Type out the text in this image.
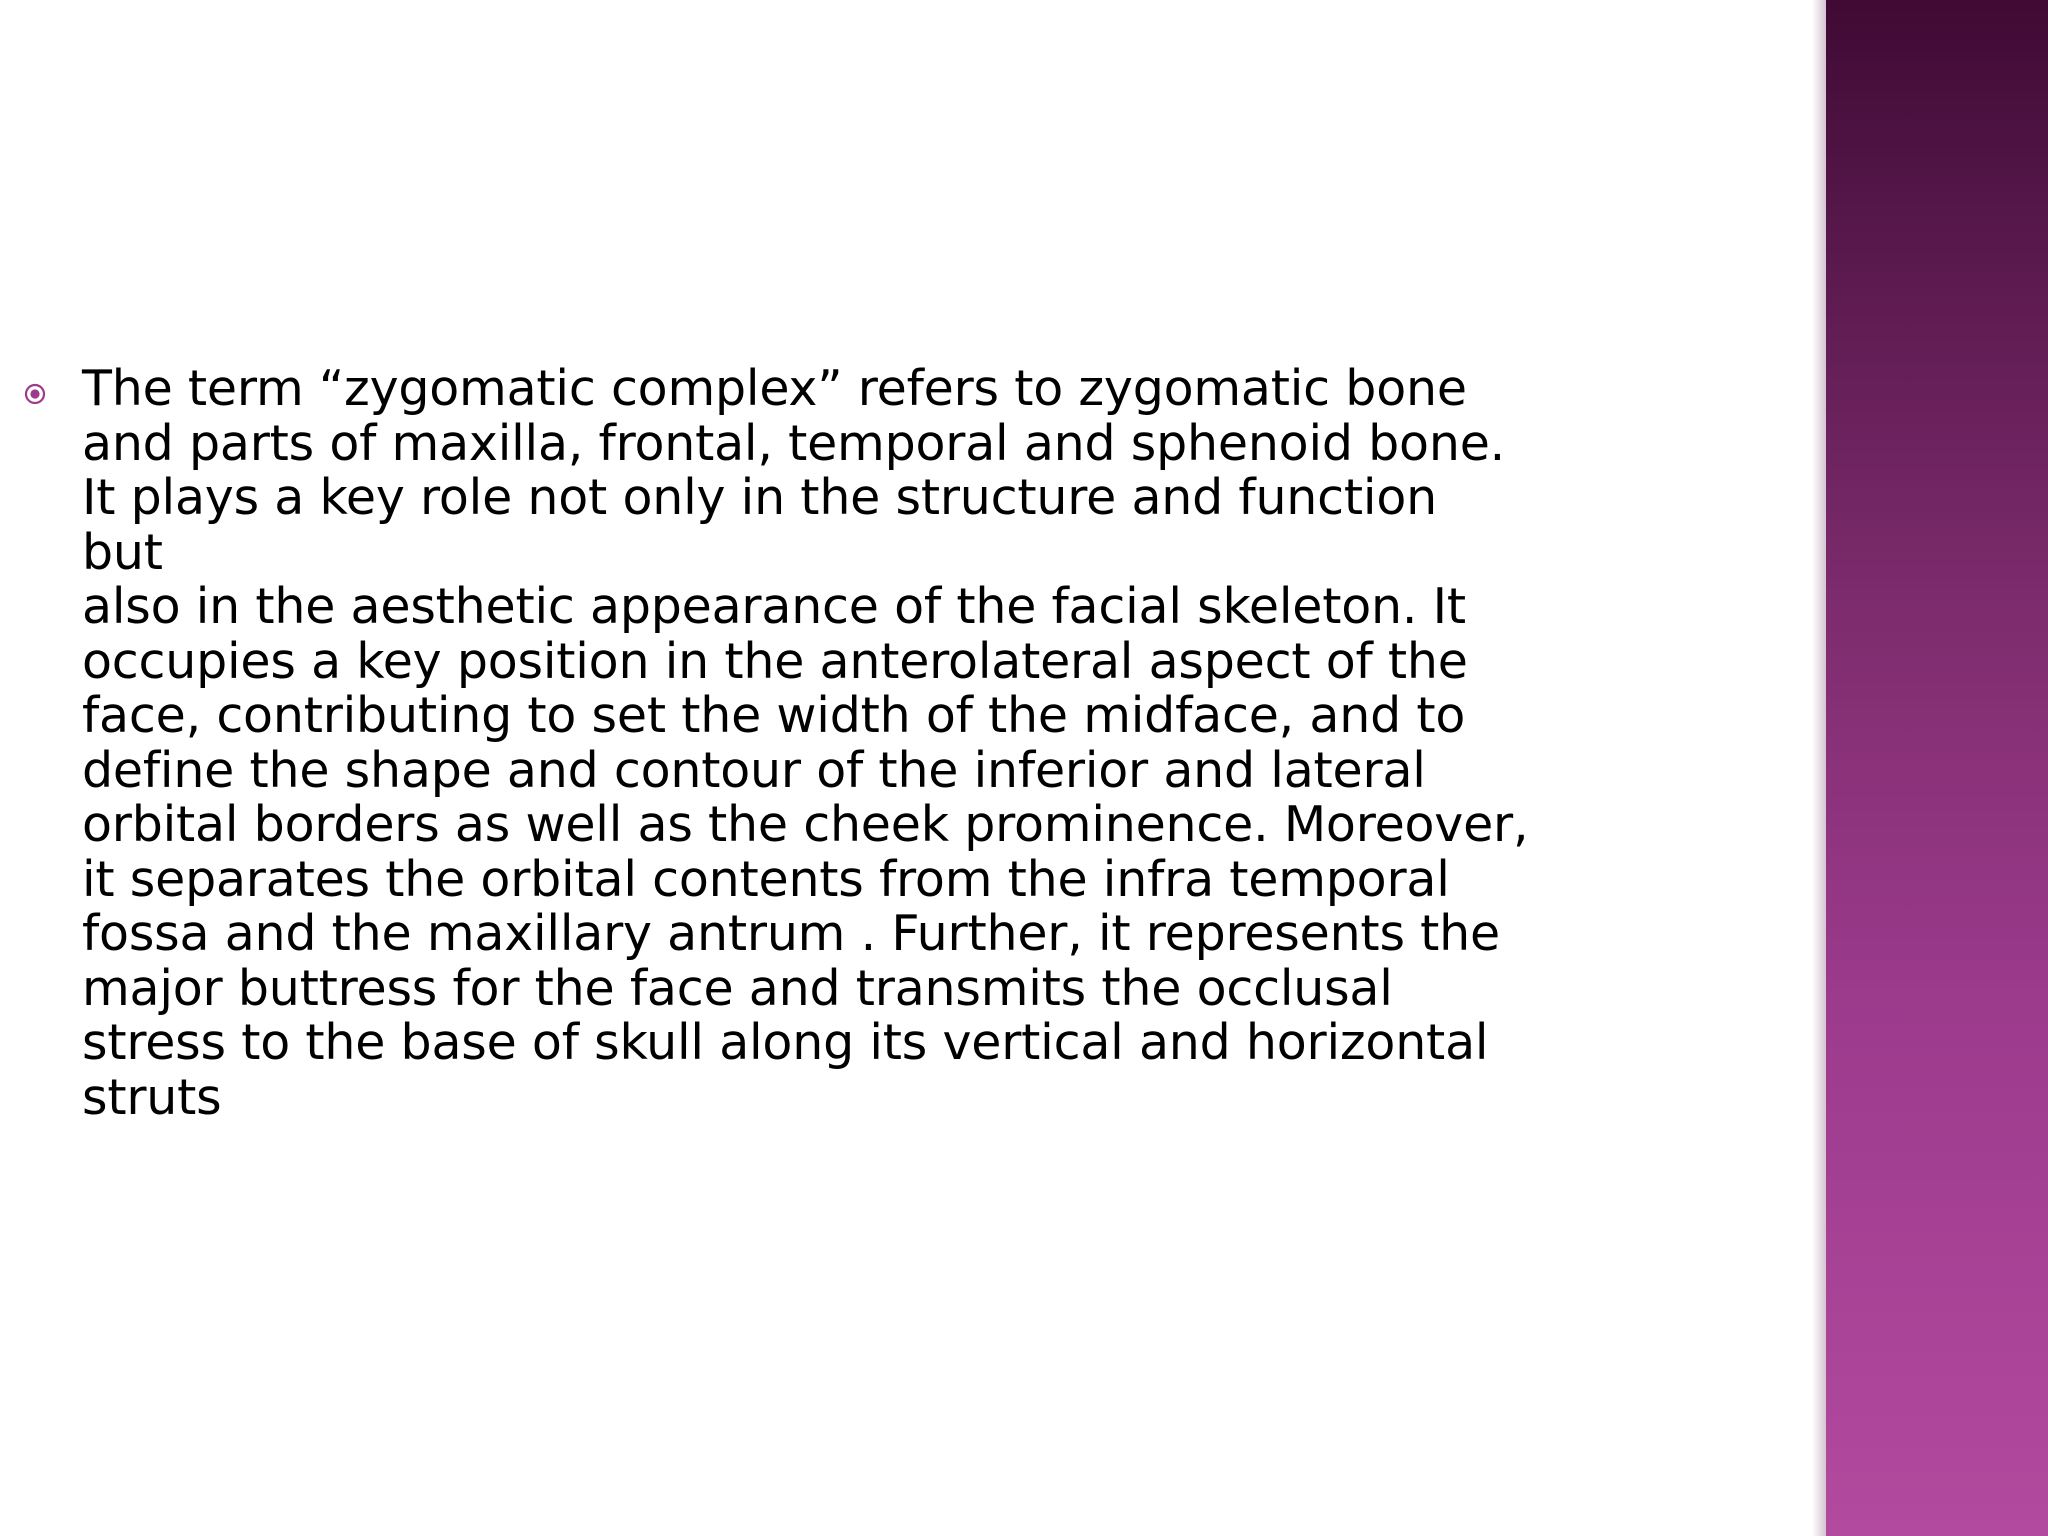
The term “zygomatic complex” refers to zygomatic bone
and parts of maxilla, frontal, temporal and sphenoid bone.
It plays a key role not only in the structure and function
but
also in the aesthetic appearance of the facial skeleton. It
occupies a key position in the anterolateral aspect of the
face, contributing to set the width of the midface, and to
define the shape and contour of the inferior and lateral
orbital borders as well as the cheek prominence. Moreover,
it separates the orbital contents from the infra temporal
fossa and the maxillary antrum . Further, it represents the
major buttress for the face and transmits the occlusal
stress to the base of skull along its vertical and horizontal
struts
